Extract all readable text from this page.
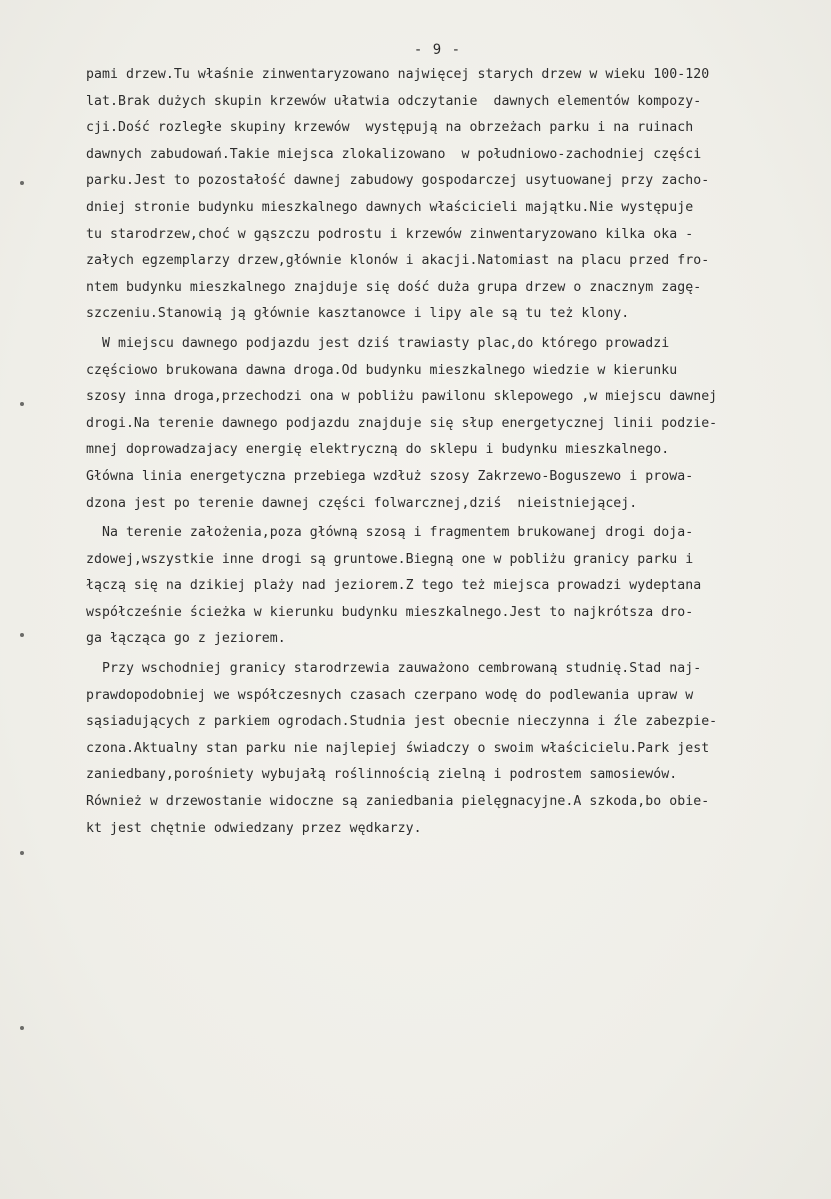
- 9 -
pami drzew.Tu właśnie zinwentaryzowano najwięcej starych drzew w wieku 100-120
lat.Brak dużych skupin krzewów ułatwia odczytanie  dawnych elementów kompozy-
cji.Dość rozległe skupiny krzewów  występują na obrzeżach parku i na ruinach
dawnych zabudowań.Takie miejsca zlokalizowano  w południowo-zachodniej części
parku.Jest to pozostałość dawnej zabudowy gospodarczej usytuowanej przy zacho-
dniej stronie budynku mieszkalnego dawnych właścicieli majątku.Nie występuje
tu starodrzew,choć w gąszczu podrostu i krzewów zinwentaryzowano kilka oka -
załych egzemplarzy drzew,głównie klonów i akacji.Natomiast na placu przed fro-
ntem budynku mieszkalnego znajduje się dość duża grupa drzew o znacznym zagę-
szczeniu.Stanowią ją głównie kasztanowce i lipy ale są tu też klony.
W miejscu dawnego podjazdu jest dziś trawiasty plac,do którego prowadzi
częściowo brukowana dawna droga.Od budynku mieszkalnego wiedzie w kierunku
szosy inna droga,przechodzi ona w pobliżu pawilonu sklepowego ,w miejscu dawnej
drogi.Na terenie dawnego podjazdu znajduje się słup energetycznej linii podzie-
mnej doprowadzajacy energię elektryczną do sklepu i budynku mieszkalnego.
Główna linia energetyczna przebiega wzdłuż szosy Zakrzewo-Boguszewo i prowa-
dzona jest po terenie dawnej części folwarcznej,dziś  nieistniejącej.
Na terenie założenia,poza główną szosą i fragmentem brukowanej drogi doja-
zdowej,wszystkie inne drogi są gruntowe.Biegną one w pobliżu granicy parku i
łączą się na dzikiej plaży nad jeziorem.Z tego też miejsca prowadzi wydeptana
współcześnie ścieżka w kierunku budynku mieszkalnego.Jest to najkrótsza dro-
ga łącząca go z jeziorem.
Przy wschodniej granicy starodrzewia zauważono cembrowaną studnię.Stad naj-
prawdopodobniej we współczesnych czasach czerpano wodę do podlewania upraw w
sąsiadujących z parkiem ogrodach.Studnia jest obecnie nieczynna i źle zabezpie-
czona.Aktualny stan parku nie najlepiej świadczy o swoim właścicielu.Park jest
zaniedbany,porośniety wybujałą roślinnością zielną i podrostem samosiewów.
Również w drzewostanie widoczne są zaniedbania pielęgnacyjne.A szkoda,bo obie-
kt jest chętnie odwiedzany przez wędkarzy.
